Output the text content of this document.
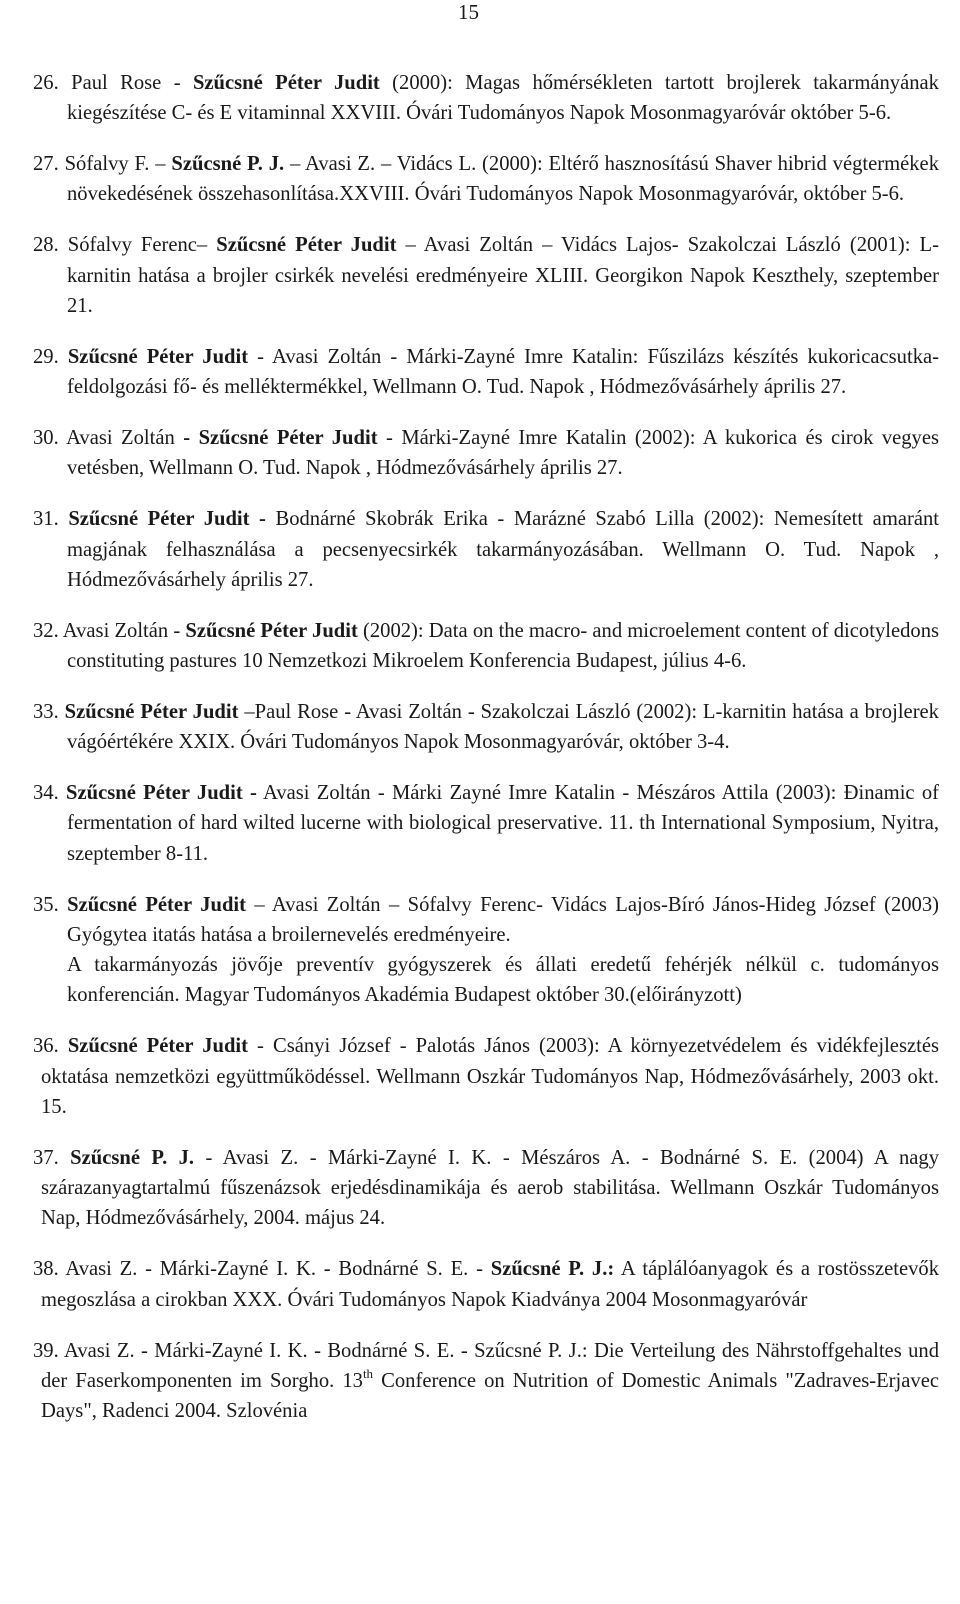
15

26. Paul Rose - Szűcsné Péter Judit (2000): Magas hőmérsékleten tartott brojlerek takarmányának kiegészítése C- és E vitaminnal XXVIII. Óvári Tudományos Napok Mosonmagyaróvár október 5-6.

27. Sófalvy F. – Szűcsné P. J. – Avasi Z. – Vidács L. (2000): Eltérő hasznosítású Shaver hibrid végtermékek növekedésének összehasonlítása.XXVIII. Óvári Tudományos Napok Mosonmagyaróvár, október 5-6.

28. Sófalvy Ferenc– Szűcsné Péter Judit – Avasi Zoltán – Vidács Lajos- Szakolczai László (2001): L-karnitin hatása a brojler csirkék nevelési eredményeire XLIII. Georgikon Napok Keszthely, szeptember 21.

29. Szűcsné Péter Judit - Avasi Zoltán - Márki-Zayné Imre Katalin: Fűszilázs készítés kukoricacsutka-feldolgozási fő- és melléktermékkel, Wellmann O. Tud. Napok , Hódmezővásárhely április 27.

30. Avasi Zoltán - Szűcsné Péter Judit - Márki-Zayné Imre Katalin (2002): A kukorica és cirok vegyes vetésben, Wellmann O. Tud. Napok , Hódmezővásárhely április 27.

31. Szűcsné Péter Judit - Bodnárné Skobrák Erika - Marázné Szabó Lilla (2002): Nemesített amaránt magjának felhasználása a pecsenyecsirkék takarmányozásában. Wellmann O. Tud. Napok , Hódmezővásárhely április 27.

32. Avasi Zoltán - Szűcsné Péter Judit (2002): Data on the macro- and microelement content of dicotyledons constituting pastures 10 Nemzetkozi Mikroelem Konferencia Budapest, július 4-6.

33. Szűcsné Péter Judit –Paul Rose - Avasi Zoltán - Szakolczai László (2002): L-karnitin hatása a brojlerek vágóértékére XXIX. Óvári Tudományos Napok Mosonmagyaróvár, október 3-4.

34. Szűcsné Péter Judit - Avasi Zoltán - Márki Zayné Imre Katalin - Mészáros Attila (2003): Đinamic of fermentation of hard wilted lucerne with biological preservative. 11. th International Symposium, Nyitra, szeptember 8-11.

35. Szűcsné Péter Judit – Avasi Zoltán – Sófalvy Ferenc- Vidács Lajos-Bíró János-Hideg József (2003) Gyógytea itatás hatása a broilernevelés eredményeire.
A takarmányozás jövője preventív gyógyszerek és állati eredetű fehérjék nélkül c. tudományos konferencián. Magyar Tudományos Akadémia Budapest október 30.(előirányzott)

36. Szűcsné Péter Judit - Csányi József - Palotás János (2003): A környezetvédelem és vidékfejlesztés oktatása nemzetközi együttműködéssel. Wellmann Oszkár Tudományos Nap, Hódmezővásárhely, 2003 okt. 15.

37. Szűcsné P. J. - Avasi Z. - Márki-Zayné I. K. - Mészáros A. - Bodnárné S. E. (2004) A nagy szárazanyagtartalmú fűszenázsok erjedésdinamikája és aerob stabilitása. Wellmann Oszkár Tudományos Nap, Hódmezővásárhely, 2004. május 24.

38. Avasi Z. - Márki-Zayné I. K. - Bodnárné S. E. - Szűcsné P. J.: A táplálóanyagok és a rostösszetevők megoszlása a cirokban XXX. Óvári Tudományos Napok Kiadványa 2004 Mosonmagyaróvár

39. Avasi Z. - Márki-Zayné I. K. - Bodnárné S. E. - Szűcsné P. J.: Die Verteilung des Nährstoffgehaltes und der Faserkomponenten im Sorgho. 13th Conference on Nutrition of Domestic Animals "Zadraves-Erjavec Days", Radenci 2004. Szlovénia
